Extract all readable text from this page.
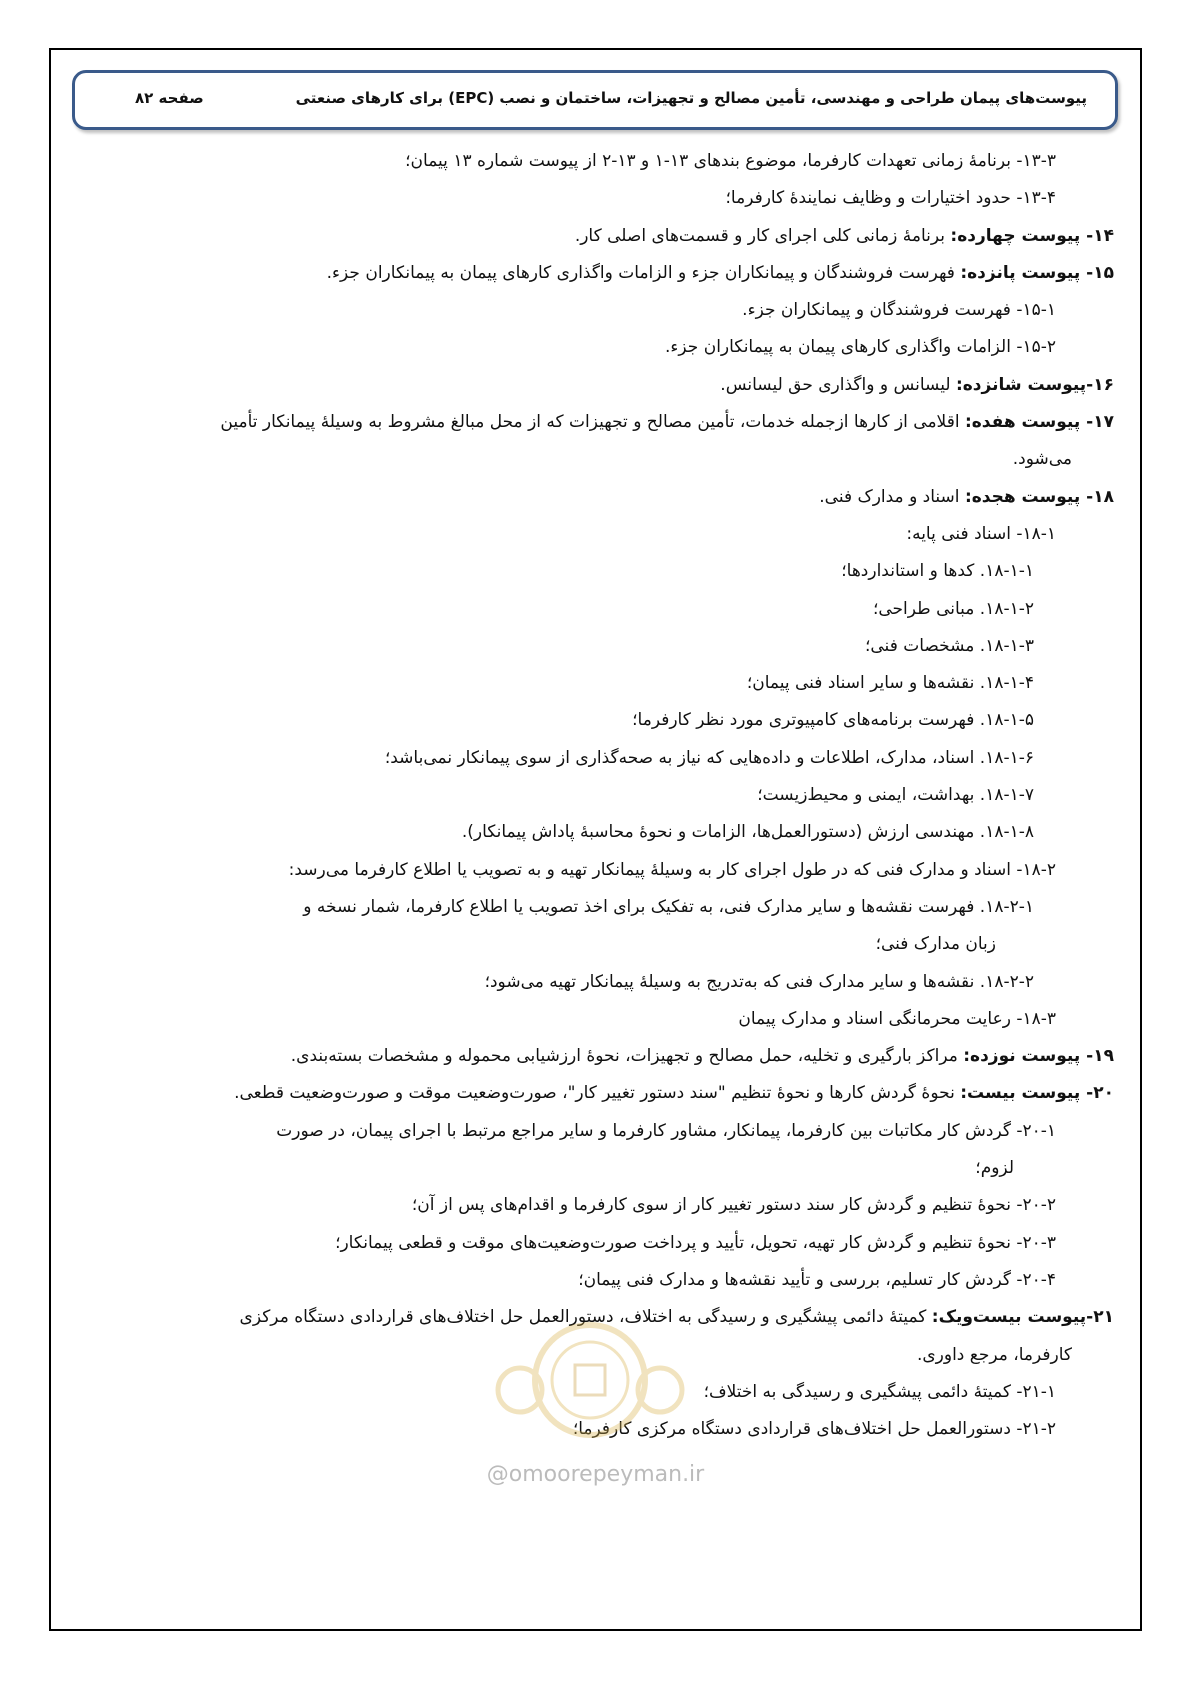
پیوست‌های پیمان طراحی و مهندسی، تأمین مصالح و تجهیزات، ساختمان و نصب (EPC) برای کارهای صنعتی
صفحه ۸۲
۱۳-۳- برنامهٔ زمانی تعهدات کارفرما، موضوع بندهای ۱۳-۱ و ۱۳-۲ از پیوست شماره ۱۳ پیمان؛
۱۳-۴- حدود اختیارات و وظایف نمایندهٔ کارفرما؛
۱۴- پیوست چهارده: برنامهٔ زمانی کلی اجرای کار و قسمت‌های اصلی کار.
۱۵- پیوست پانزده: فهرست فروشندگان و پیمانکاران جزء و الزامات واگذاری کارهای پیمان به پیمانکاران جزء.
۱۵-۱- فهرست فروشندگان و پیمانکاران جزء.
۱۵-۲- الزامات واگذاری کارهای پیمان به پیمانکاران جزء.
۱۶-پیوست شانزده: لیسانس و واگذاری حق لیسانس.
۱۷- پیوست هفده: اقلامی از کارها ازجمله خدمات، تأمین مصالح و تجهیزات که از محل مبالغ مشروط به وسیلهٔ پیمانکار تأمین
می‌شود.
۱۸- پیوست هجده: اسناد و مدارک فنی.
۱۸-۱- اسناد فنی پایه:
۱۸-۱-۱. کدها و استانداردها؛
۱۸-۱-۲. مبانی طراحی؛
۱۸-۱-۳. مشخصات فنی؛
۱۸-۱-۴. نقشه‌ها و سایر اسناد فنی پیمان؛
۱۸-۱-۵. فهرست برنامه‌های کامپیوتری مورد نظر کارفرما؛
۱۸-۱-۶. اسناد، مدارک، اطلاعات و داده‌هایی که نیاز به صحه‌گذاری از سوی پیمانکار نمی‌باشد؛
۱۸-۱-۷. بهداشت، ایمنی و محیط‌زیست؛
۱۸-۱-۸. مهندسی ارزش (دستورالعمل‌ها، الزامات و نحوهٔ محاسبهٔ پاداش پیمانکار).
۱۸-۲- اسناد و مدارک فنی که در طول اجرای کار به وسیلهٔ پیمانکار تهیه و به تصویب یا اطلاع کارفرما می‌رسد:
۱۸-۲-۱. فهرست نقشه‌ها و سایر مدارک فنی، به تفکیک برای اخذ تصویب یا اطلاع کارفرما، شمار نسخه و
زبان مدارک فنی؛
۱۸-۲-۲. نقشه‌ها و سایر مدارک فنی که به‌تدریج به وسیلهٔ پیمانکار تهیه می‌شود؛
۱۸-۳- رعایت محرمانگی اسناد و مدارک پیمان
۱۹- پیوست نوزده: مراکز بارگیری و تخلیه، حمل مصالح و تجهیزات، نحوهٔ ارزشیابی محموله و مشخصات بسته‌بندی.
۲۰- پیوست بیست: نحوهٔ گردش کارها و نحوهٔ تنظیم "سند دستور تغییر کار"، صورت‌وضعیت موقت و صورت‌وضعیت قطعی.
۲۰-۱- گردش کار مکاتبات بین کارفرما، پیمانکار، مشاور کارفرما و سایر مراجع مرتبط با اجرای پیمان، در صورت
لزوم؛
۲۰-۲- نحوهٔ تنظیم و گردش کار سند دستور تغییر کار از سوی کارفرما و اقدام‌های پس از آن؛
۲۰-۳- نحوهٔ تنظیم و گردش کار تهیه، تحویل، تأیید و پرداخت صورت‌وضعیت‌های موقت و قطعی پیمانکار؛
۲۰-۴- گردش کار تسلیم، بررسی و تأیید نقشه‌ها و مدارک فنی پیمان؛
۲۱-پیوست بیست‌ویک: کمیتهٔ دائمی پیشگیری و رسیدگی به اختلاف، دستورالعمل حل اختلاف‌های قراردادی دستگاه مرکزی
کارفرما، مرجع داوری.
۲۱-۱- کمیتهٔ دائمی پیشگیری و رسیدگی به اختلاف؛
۲۱-۲- دستورالعمل حل اختلاف‌های قراردادی دستگاه مرکزی کارفرما؛
@omoorepeyman.ir
